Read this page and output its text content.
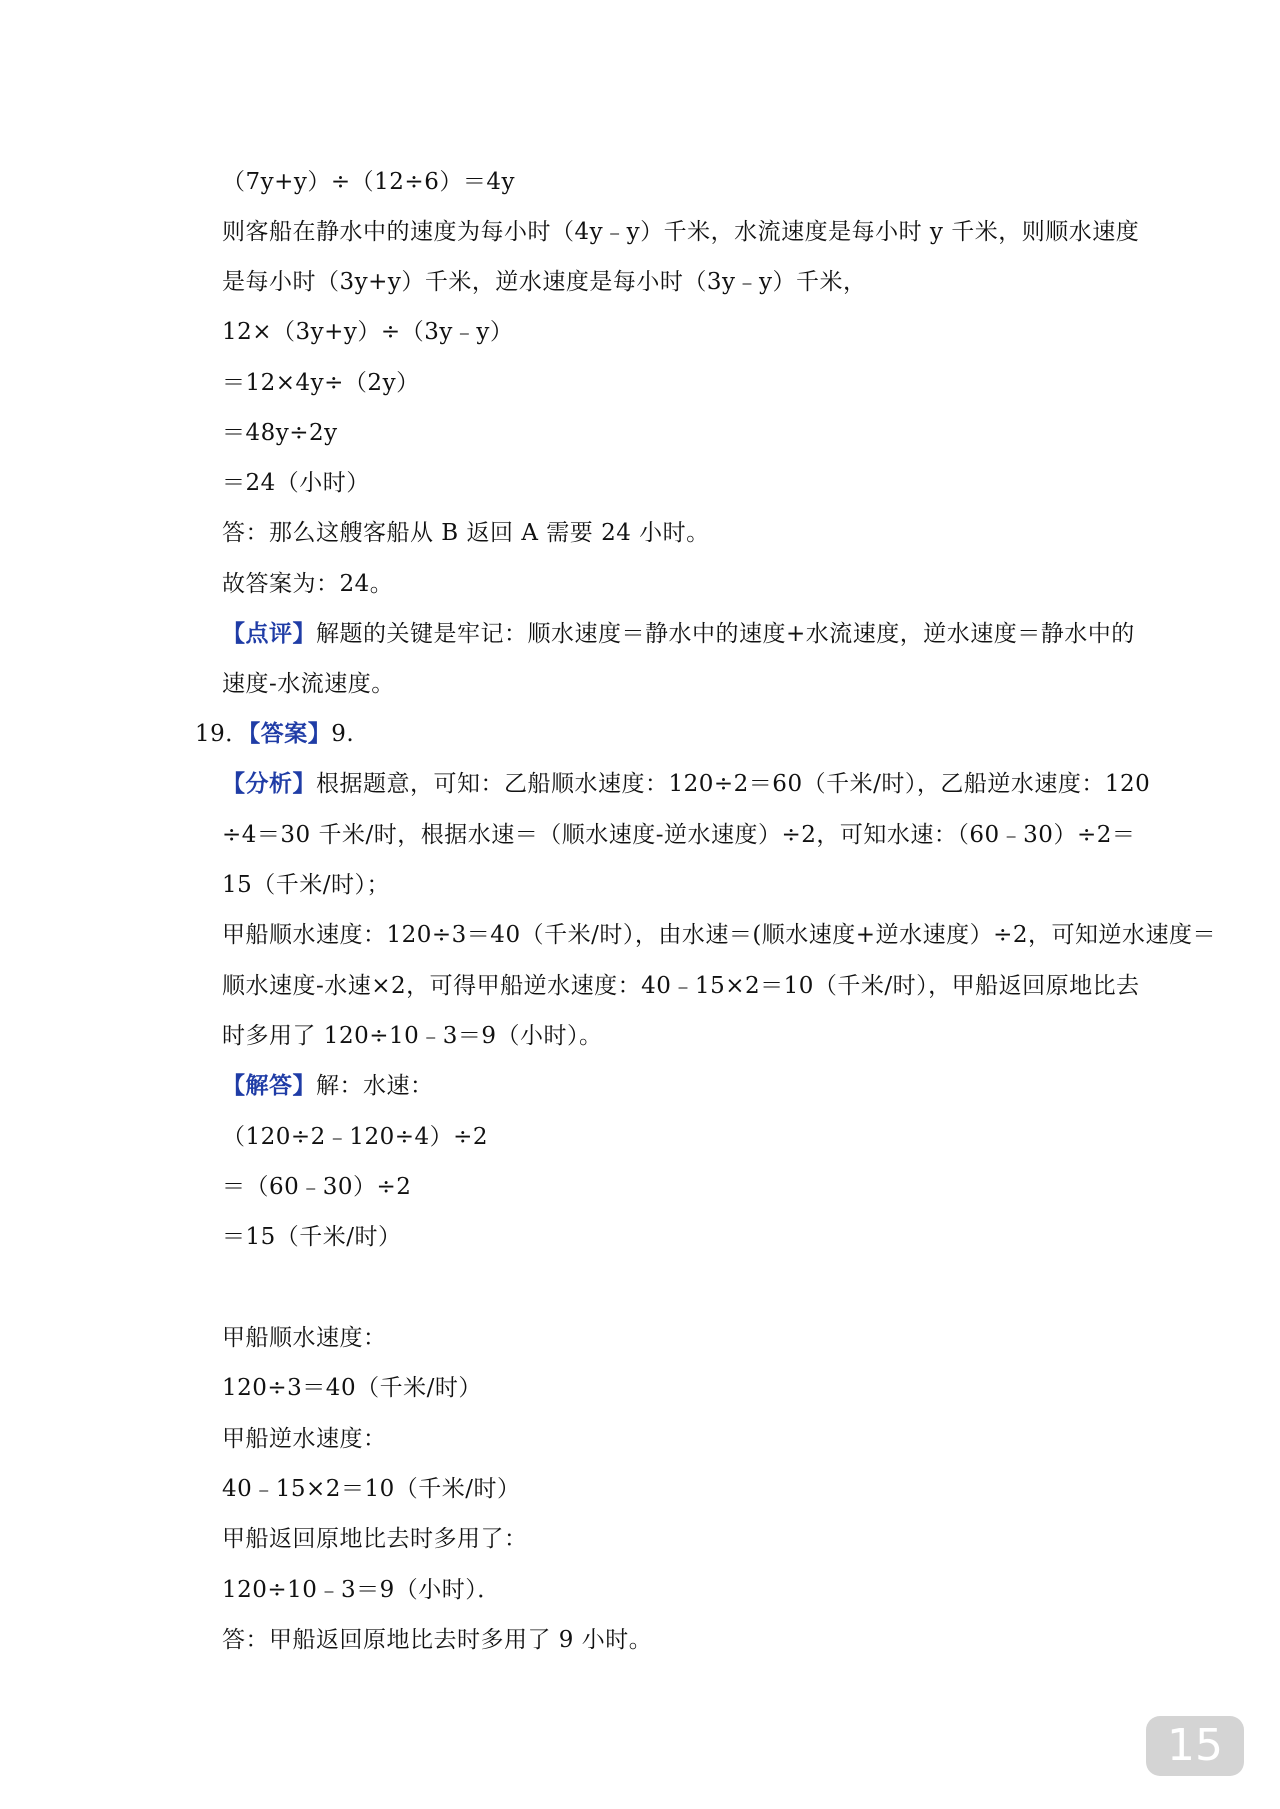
（7y+y）÷（12÷6）＝4y
则客船在静水中的速度为每小时（4y﹣y）千米，水流速度是每小时 y 千米，则顺水速度
是每小时（3y+y）千米，逆水速度是每小时（3y﹣y）千米，
12×（3y+y）÷（3y﹣y）
＝12×4y÷（2y）
＝48y÷2y
＝24（小时）
答：那么这艘客船从 B 返回 A 需要 24 小时。
故答案为：24。
【点评】解题的关键是牢记：顺水速度＝静水中的速度+水流速度，逆水速度＝静水中的
速度-水流速度。
19．【答案】9.
【分析】根据题意，可知：乙船顺水速度：120÷2＝60（千米/时），乙船逆水速度：120
÷4＝30 千米/时，根据水速＝（顺水速度-逆水速度）÷2，可知水速：（60﹣30）÷2＝
15（千米/时）；
甲船顺水速度：120÷3＝40（千米/时），由水速＝(顺水速度+逆水速度）÷2，可知逆水速度＝
顺水速度-水速×2，可得甲船逆水速度：40﹣15×2＝10（千米/时），甲船返回原地比去
时多用了 120÷10﹣3＝9（小时）。
【解答】解：水速：
（120÷2﹣120÷4）÷2
＝（60﹣30）÷2
＝15（千米/时）
甲船顺水速度：
120÷3＝40（千米/时）
甲船逆水速度：
40﹣15×2＝10（千米/时）
甲船返回原地比去时多用了：
120÷10﹣3＝9（小时）．
答：甲船返回原地比去时多用了 9 小时。
15
